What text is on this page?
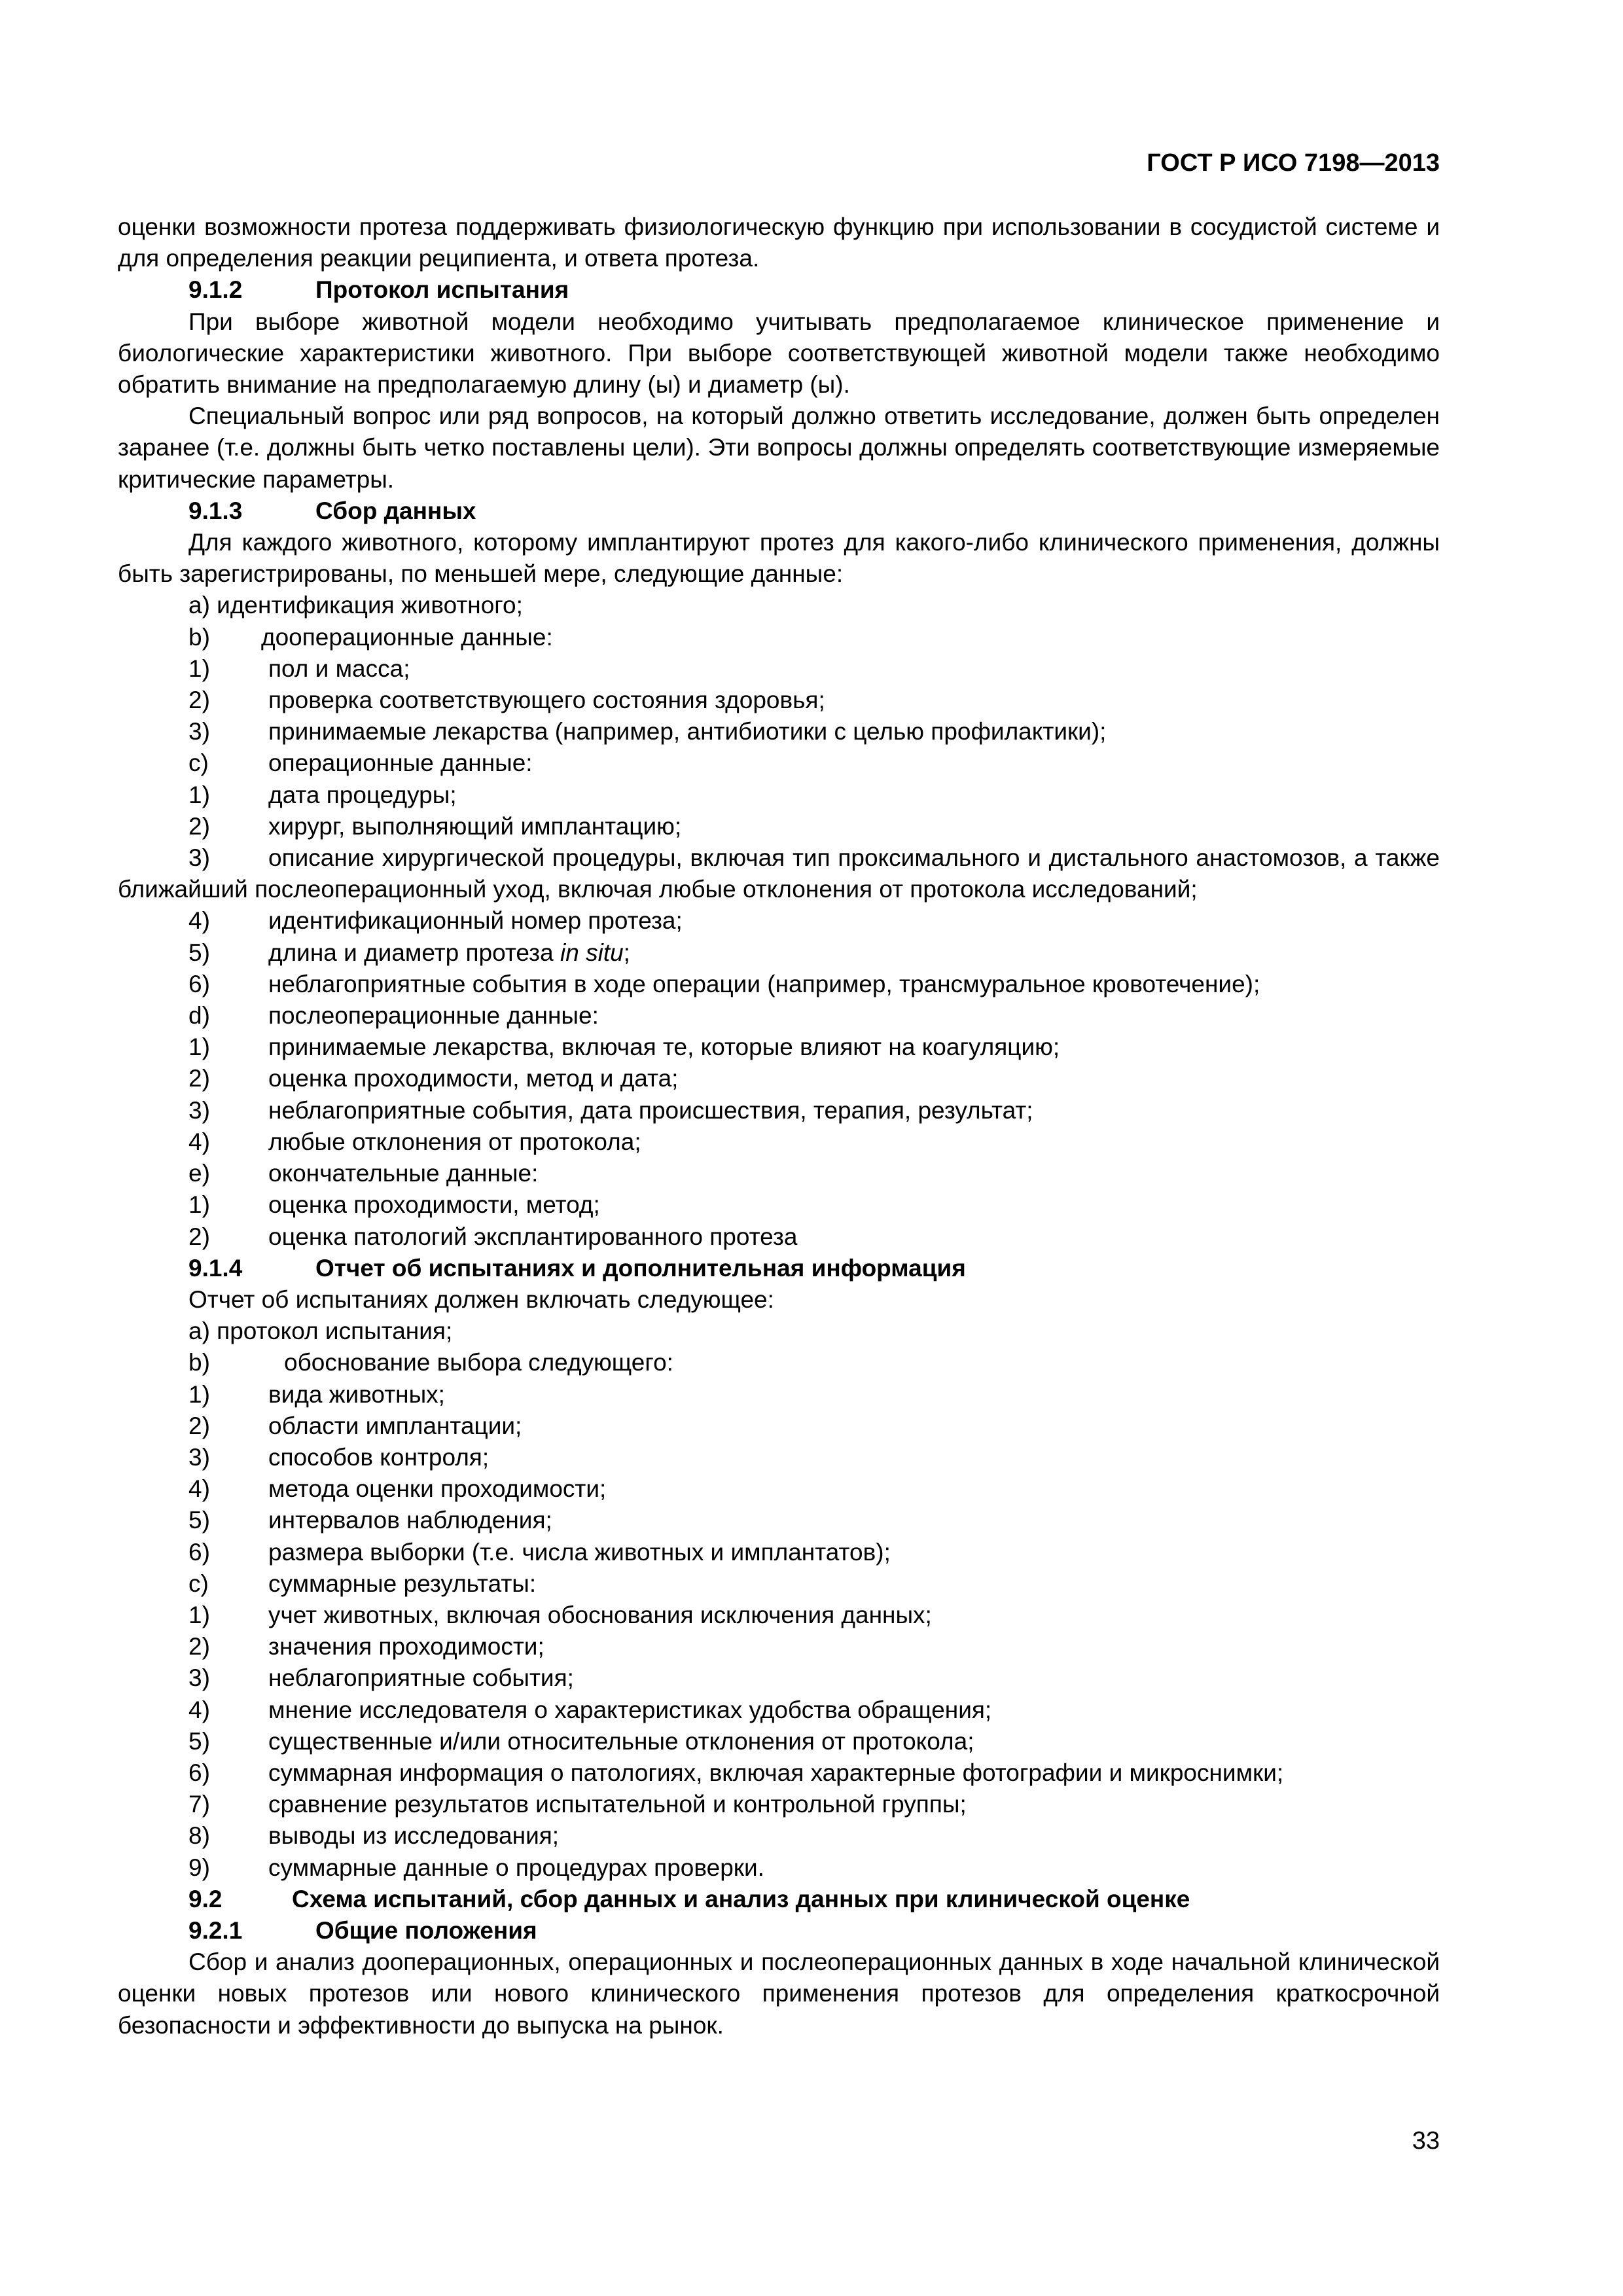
ГОСТ Р ИСО 7198—2013

оценки возможности протеза поддерживать физиологическую функцию при использовании в сосудистой системе и для определения реакции реципиента, и ответа протеза.

9.1.2	Протокол испытания

При выборе животной модели необходимо учитывать предполагаемое клиническое применение и биологические характеристики животного. При выборе соответствующей животной модели также необходимо обратить внимание на предполагаемую длину (ы) и диаметр (ы).

Специальный вопрос или ряд вопросов, на который должно ответить исследование, должен быть определен заранее (т.е. должны быть четко поставлены цели). Эти вопросы должны определять соответствующие измеряемые критические параметры.

9.1.3	Сбор данных

Для каждого животного, которому имплантируют протез для какого-либо клинического применения, должны быть зарегистрированы, по меньшей мере, следующие данные:

а) идентификация животного;

b) дооперационные данные:

1) пол и масса;

2) проверка соответствующего состояния здоровья;

3) принимаемые лекарства (например, антибиотики с целью профилактики);

c) операционные данные:

1) дата процедуры;

2) хирург, выполняющий имплантацию;

3) описание хирургической процедуры, включая тип проксимального и дистального анастомозов, а также ближайший послеоперационный уход, включая любые отклонения от протокола исследований;

4) идентификационный номер протеза;

5) длина и диаметр протеза in situ;

6) неблагоприятные события в ходе операции (например, трансмуральное кровотечение);

d) послеоперационные данные:

1) принимаемые лекарства, включая те, которые влияют на коагуляцию;

2) оценка проходимости, метод и дата;

3) неблагоприятные события, дата происшествия, терапия, результат;

4) любые отклонения от протокола;

e) окончательные данные:

1) оценка проходимости, метод;

2) оценка патологий эксплантированного протеза

9.1.4	Отчет об испытаниях и дополнительная информация

Отчет об испытаниях должен включать следующее:

а) протокол испытания;

b)	обоснование выбора следующего:

1) вида животных;

2) области имплантации;

3) способов контроля;

4) метода оценки проходимости;

5) интервалов наблюдения;

6) размера выборки (т.е. числа животных и имплантатов);

c) суммарные результаты:

1) учет животных, включая обоснования исключения данных;

2) значения проходимости;

3) неблагоприятные события;

4) мнение исследователя о характеристиках удобства обращения;

5) существенные и/или относительные отклонения от протокола;

6) суммарная информация о патологиях, включая характерные фотографии и микроснимки;

7) сравнение результатов испытательной и контрольной группы;

8) выводы из исследования;

9) суммарные данные о процедурах проверки.

9.2	Схема испытаний, сбор данных и анализ данных при клинической оценке

9.2.1	Общие положения

Сбор и анализ дооперационных, операционных и послеоперационных данных в ходе начальной клинической оценки новых протезов или нового клинического применения протезов для определения краткосрочной безопасности и эффективности до выпуска на рынок.

33
